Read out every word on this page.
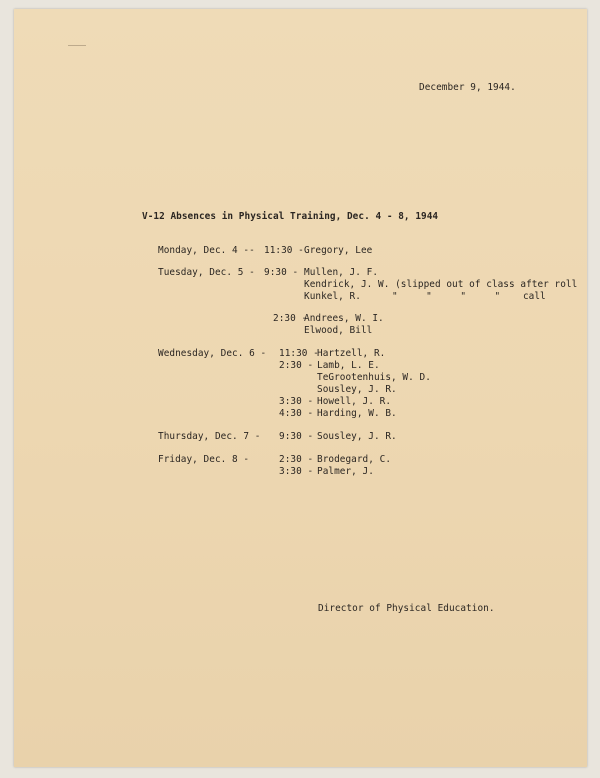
December 9, 1944.
V-12 Absences in Physical Training, Dec. 4 - 8, 1944
Monday, Dec. 4 -- 11:30 - Gregory, Lee
Tuesday, Dec. 5 - 9:30 - Mullen, J. F.
Kendrick, J. W. (slipped out of class after roll
Kunkel, R.	"     "     "     "    call
2:30 -
Andrees, W. I.
Elwood, Bill
Wednesday, Dec. 6 - 11:30 -
Hartzell, R.
2:30 - Lamb, L. E.
TeGrootenhuis, W. D.
Sousley, J. R.
3:30 - Howell, J. R.
4:30 - Harding, W. B.
Thursday, Dec. 7 - 9:30 - Sousley, J. R.
Friday, Dec. 8 -	2:30 - Brodegard, C.
3:30 - Palmer, J.
Director of Physical Education.
